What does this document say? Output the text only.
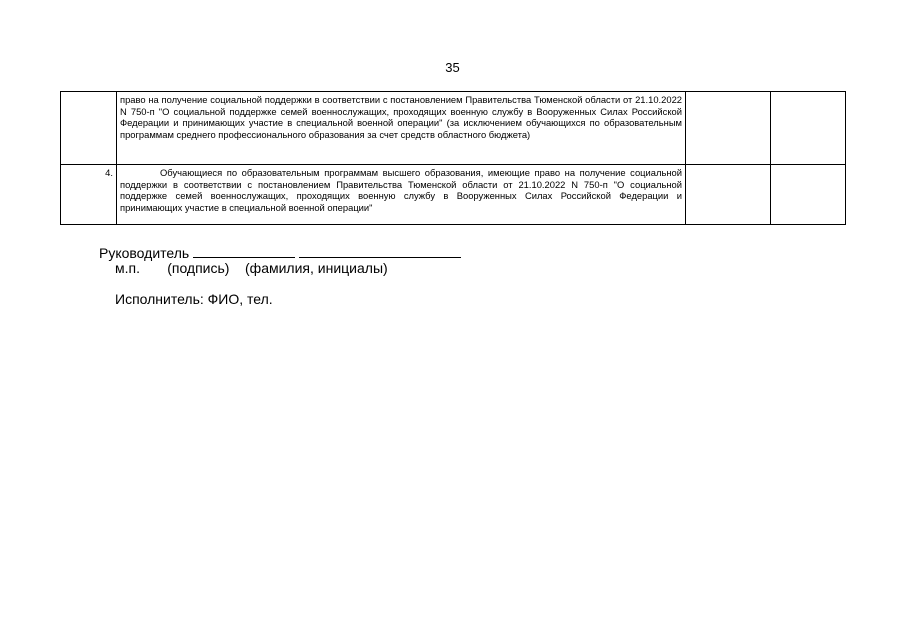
35
	право на получение социальной поддержки в соответствии с постановлением Правительства Тюменской области от 21.10.2022 N 750-п "О социальной поддержке семей военнослужащих, проходящих военную службу в Вооруженных Силах Российской Федерации и принимающих участие в специальной военной операции" (за исключением обучающихся по образовательным программам среднего профессионального образования за счет средств областного бюджета)		
4.	Обучающиеся по образовательным программам высшего образования, имеющие право на получение социальной поддержки в соответствии с постановлением Правительства Тюменской области от 21.10.2022 N 750-п "О социальной поддержке семей военнослужащих, проходящих военную службу в Вооруженных Силах Российской Федерации и принимающих участие в специальной военной операции"		
Руководитель
м.п.       (подпись)    (фамилия, инициалы)
Исполнитель: ФИО, тел.
